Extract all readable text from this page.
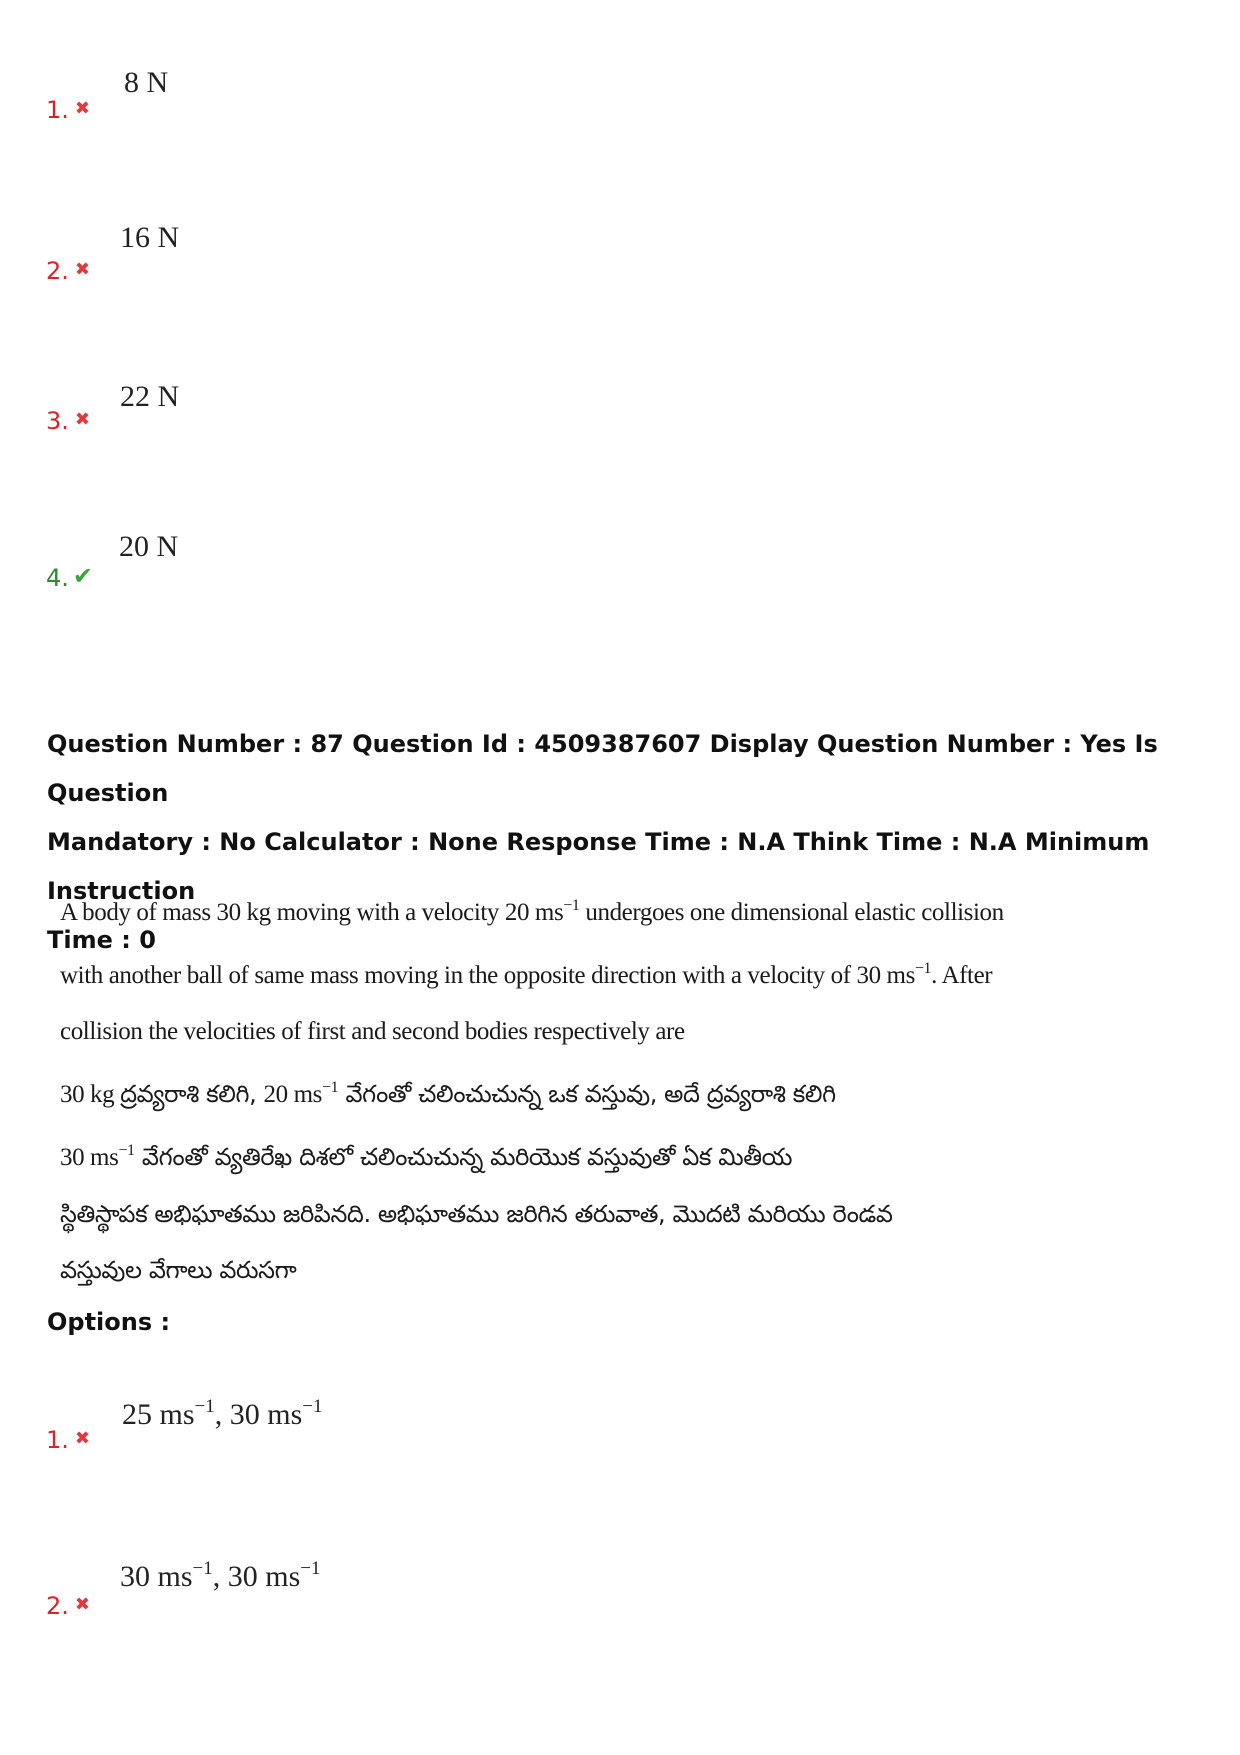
8 N
1. ✖
16 N
2. ✖
22 N
3. ✖
20 N
4. ✔
Question Number : 87 Question Id : 4509387607 Display Question Number : Yes Is Question
Mandatory : No Calculator : None Response Time : N.A Think Time : N.A Minimum Instruction
Time : 0
A body of mass 30 kg moving with a velocity 20 $ms^{-1}$ undergoes one dimensional elastic collision
with another ball of same mass moving in the opposite direction with a velocity of 30 $ms^{-1}$. After
collision the velocities of first and second bodies respectively are
30 kg ద్రవ్యరాశి కలిగి, 20 $ms^{-1}$ వేగంతో చలించుచున్న ఒక వస్తువు, అదే ద్రవ్యరాశి కలిగి
30 $ms^{-1}$ వేగంతో వ్యతిరేఖ దిశలో చలించుచున్న మరియొక వస్తువుతో ఏక మితీయ
స్థితిస్థాపక అభిఘాతము జరిపినది. అభిఘాతము జరిగిన తరువాత, మొదటి మరియు రెండవ
వస్తువుల వేగాలు వరుసగా
Options :
25 $ms^{-1}$, 30 $ms^{-1}$
1. ✖
30 $ms^{-1}$, 30 $ms^{-1}$
2. ✖
